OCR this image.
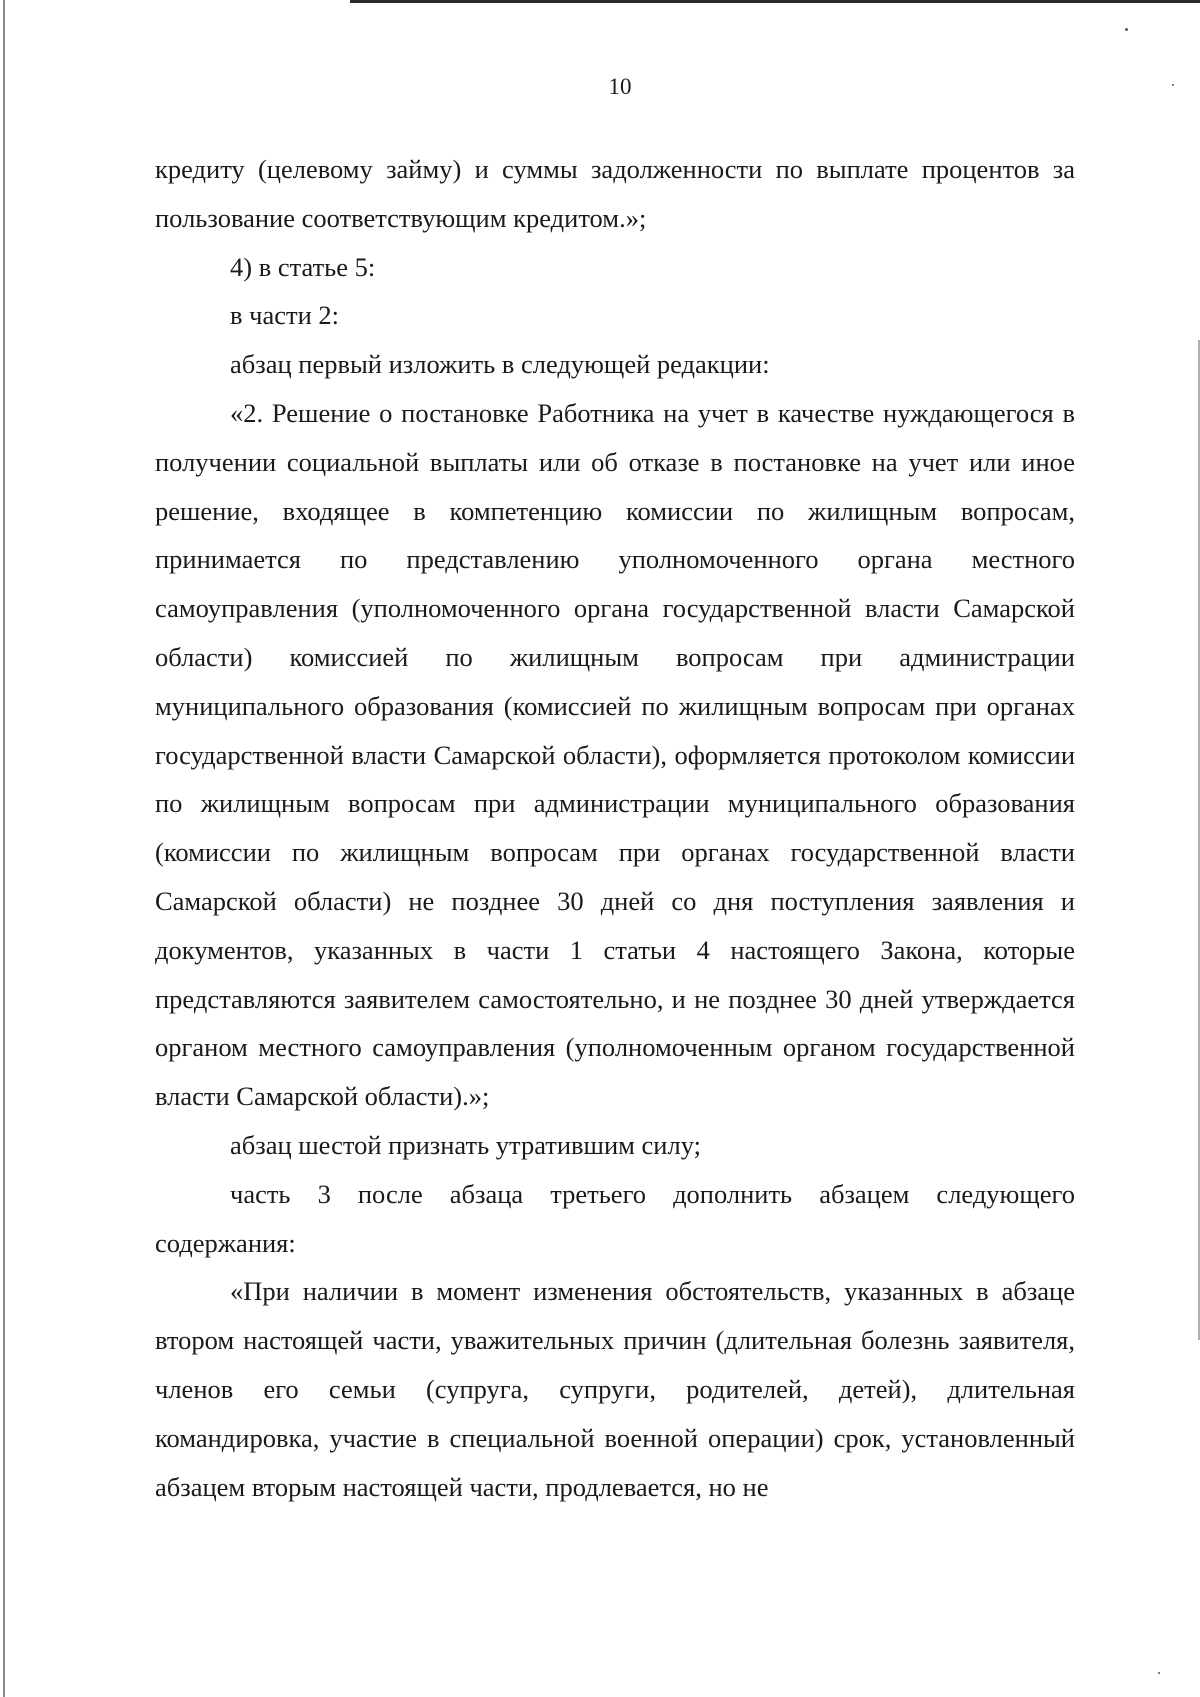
10

кредиту (целевому займу) и суммы задолженности по выплате процентов за пользование соответствующим кредитом.»;

4) в статье 5:

в части 2:

абзац первый изложить в следующей редакции:

«2. Решение о постановке Работника на учет в качестве нуждающегося в получении социальной выплаты или об отказе в постановке на учет или иное решение, входящее в компетенцию комиссии по жилищным вопросам, принимается по представлению уполномоченного органа местного самоуправления (уполномоченного органа государственной власти Самарской области) комиссией по жилищным вопросам при администрации муниципального образования (комиссией по жилищным вопросам при органах государственной власти Самарской области), оформляется протоколом комиссии по жилищным вопросам при администрации муниципального образования (комиссии по жилищным вопросам при органах государственной власти Самарской области) не позднее 30 дней со дня поступления заявления и документов, указанных в части 1 статьи 4 настоящего Закона, которые представляются заявителем самостоятельно, и не позднее 30 дней утверждается органом местного самоуправления (уполномоченным органом государственной власти Самарской области).»;

абзац шестой признать утратившим силу;

часть 3 после абзаца третьего дополнить абзацем следующего содержания:

«При наличии в момент изменения обстоятельств, указанных в абзаце втором настоящей части, уважительных причин (длительная болезнь заявителя, членов его семьи (супруга, супруги, родителей, детей), длительная командировка, участие в специальной военной операции) срок, установленный абзацем вторым настоящей части, продлевается, но не
